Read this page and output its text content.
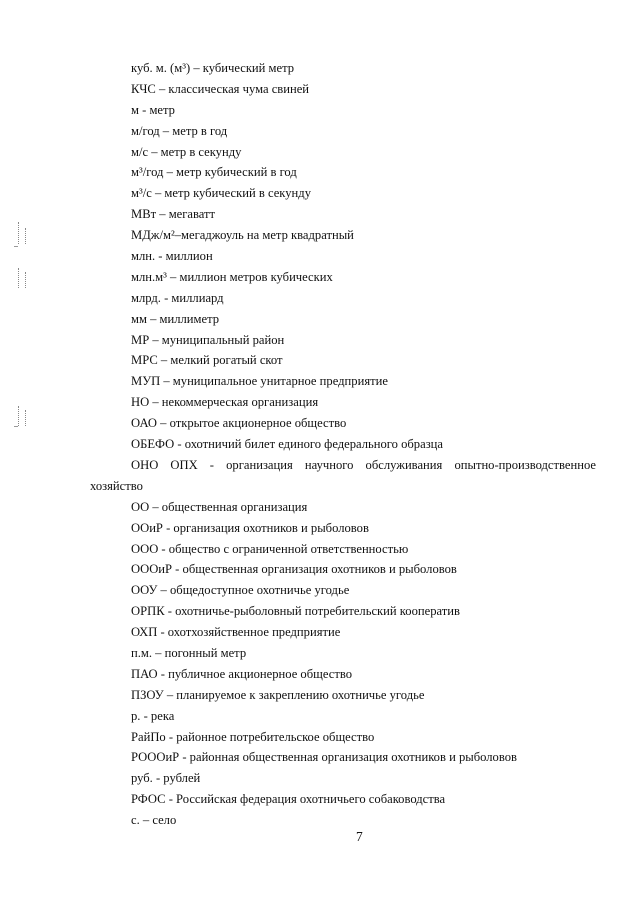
куб. м. (м³) – кубический метр
КЧС – классическая чума свиней
м - метр
м/год – метр в год
м/с – метр в секунду
м³/год – метр кубический в год
м³/с – метр кубический в секунду
МВт – мегаватт
МДж/м²–мегаджоуль на метр квадратный
млн. - миллион
млн.м³ – миллион метров кубических
млрд. - миллиард
мм – миллиметр
МР – муниципальный район
МРС – мелкий рогатый скот
МУП – муниципальное унитарное предприятие
НО – некоммерческая организация
ОАО – открытое акционерное общество
ОБЕФО - охотничий билет единого федерального образца
ОНО ОПХ - организация научного обслуживания опытно-производственное хозяйство
ОО – общественная организация
ООиР - организация охотников и рыболовов
ООО - общество с ограниченной ответственностью
ОООиР - общественная организация охотников и рыболовов
ООУ – общедоступное охотничье угодье
ОРПК - охотничье-рыболовный потребительский кооператив
ОХП - охотхозяйственное предприятие
п.м. – погонный метр
ПАО - публичное акционерное общество
ПЗОУ – планируемое к закреплению охотничье угодье
р. - река
РайПо - районное потребительское общество
РОООиР - районная общественная организация охотников и рыболовов
руб. - рублей
РФОС - Российская федерация охотничьего собаководства
с. – село
7
